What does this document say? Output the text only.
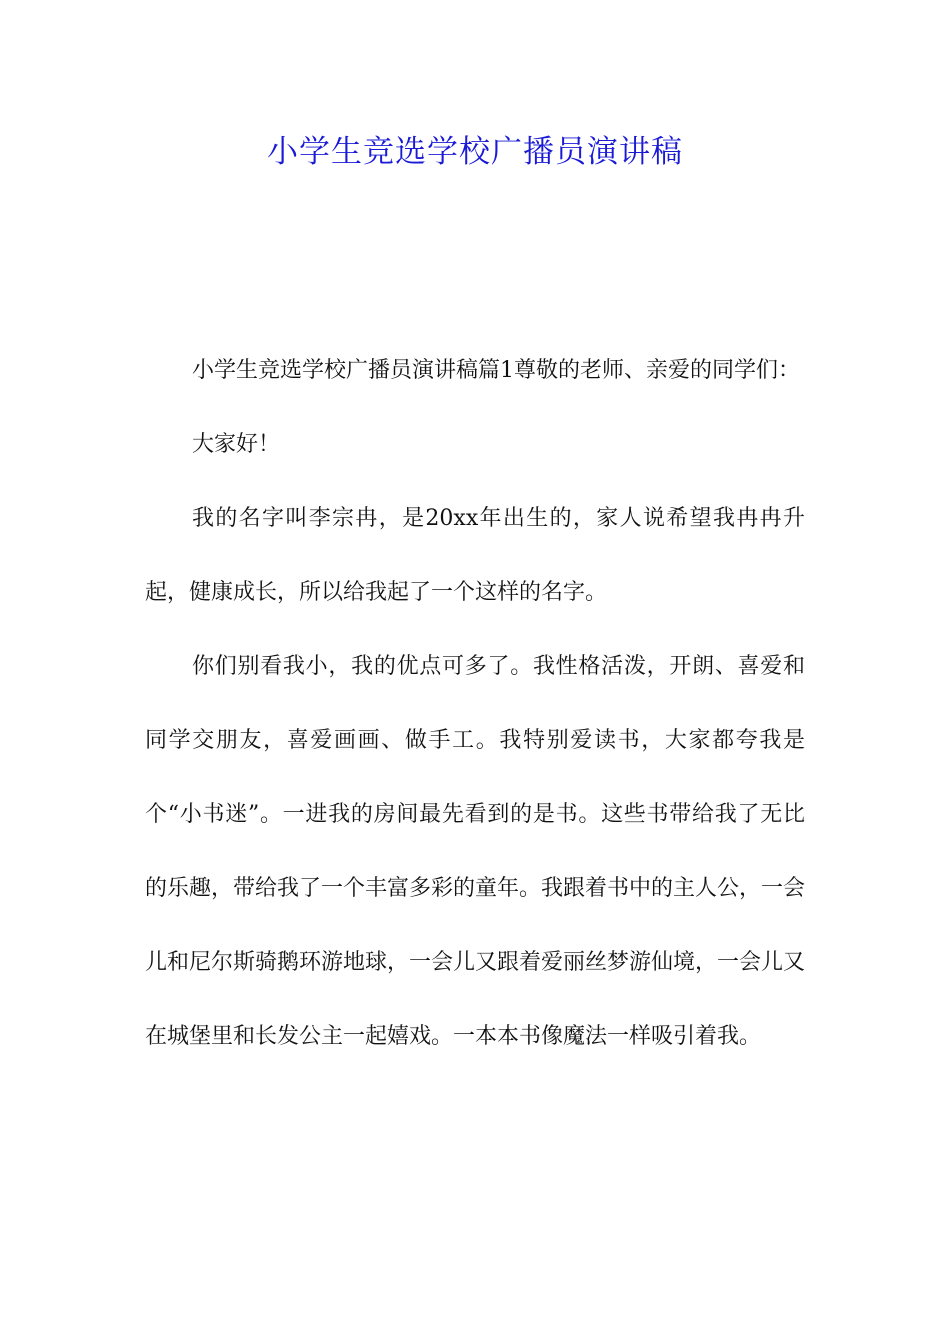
小学生竞选学校广播员演讲稿

小学生竞选学校广播员演讲稿篇1尊敬的老师、亲爱的同学们：

大家好！

我的名字叫李宗冉，是20xx年出生的，家人说希望我冉冉升起，健康成长，所以给我起了一个这样的名字。

你们别看我小，我的优点可多了。我性格活泼，开朗、喜爱和同学交朋友，喜爱画画、做手工。我特别爱读书，大家都夸我是个“小书迷”。一进我的房间最先看到的是书。这些书带给我了无比的乐趣，带给我了一个丰富多彩的童年。我跟着书中的主人公，一会儿和尼尔斯骑鹅环游地球，一会儿又跟着爱丽丝梦游仙境，一会儿又在城堡里和长发公主一起嬉戏。一本本书像魔法一样吸引着我。
